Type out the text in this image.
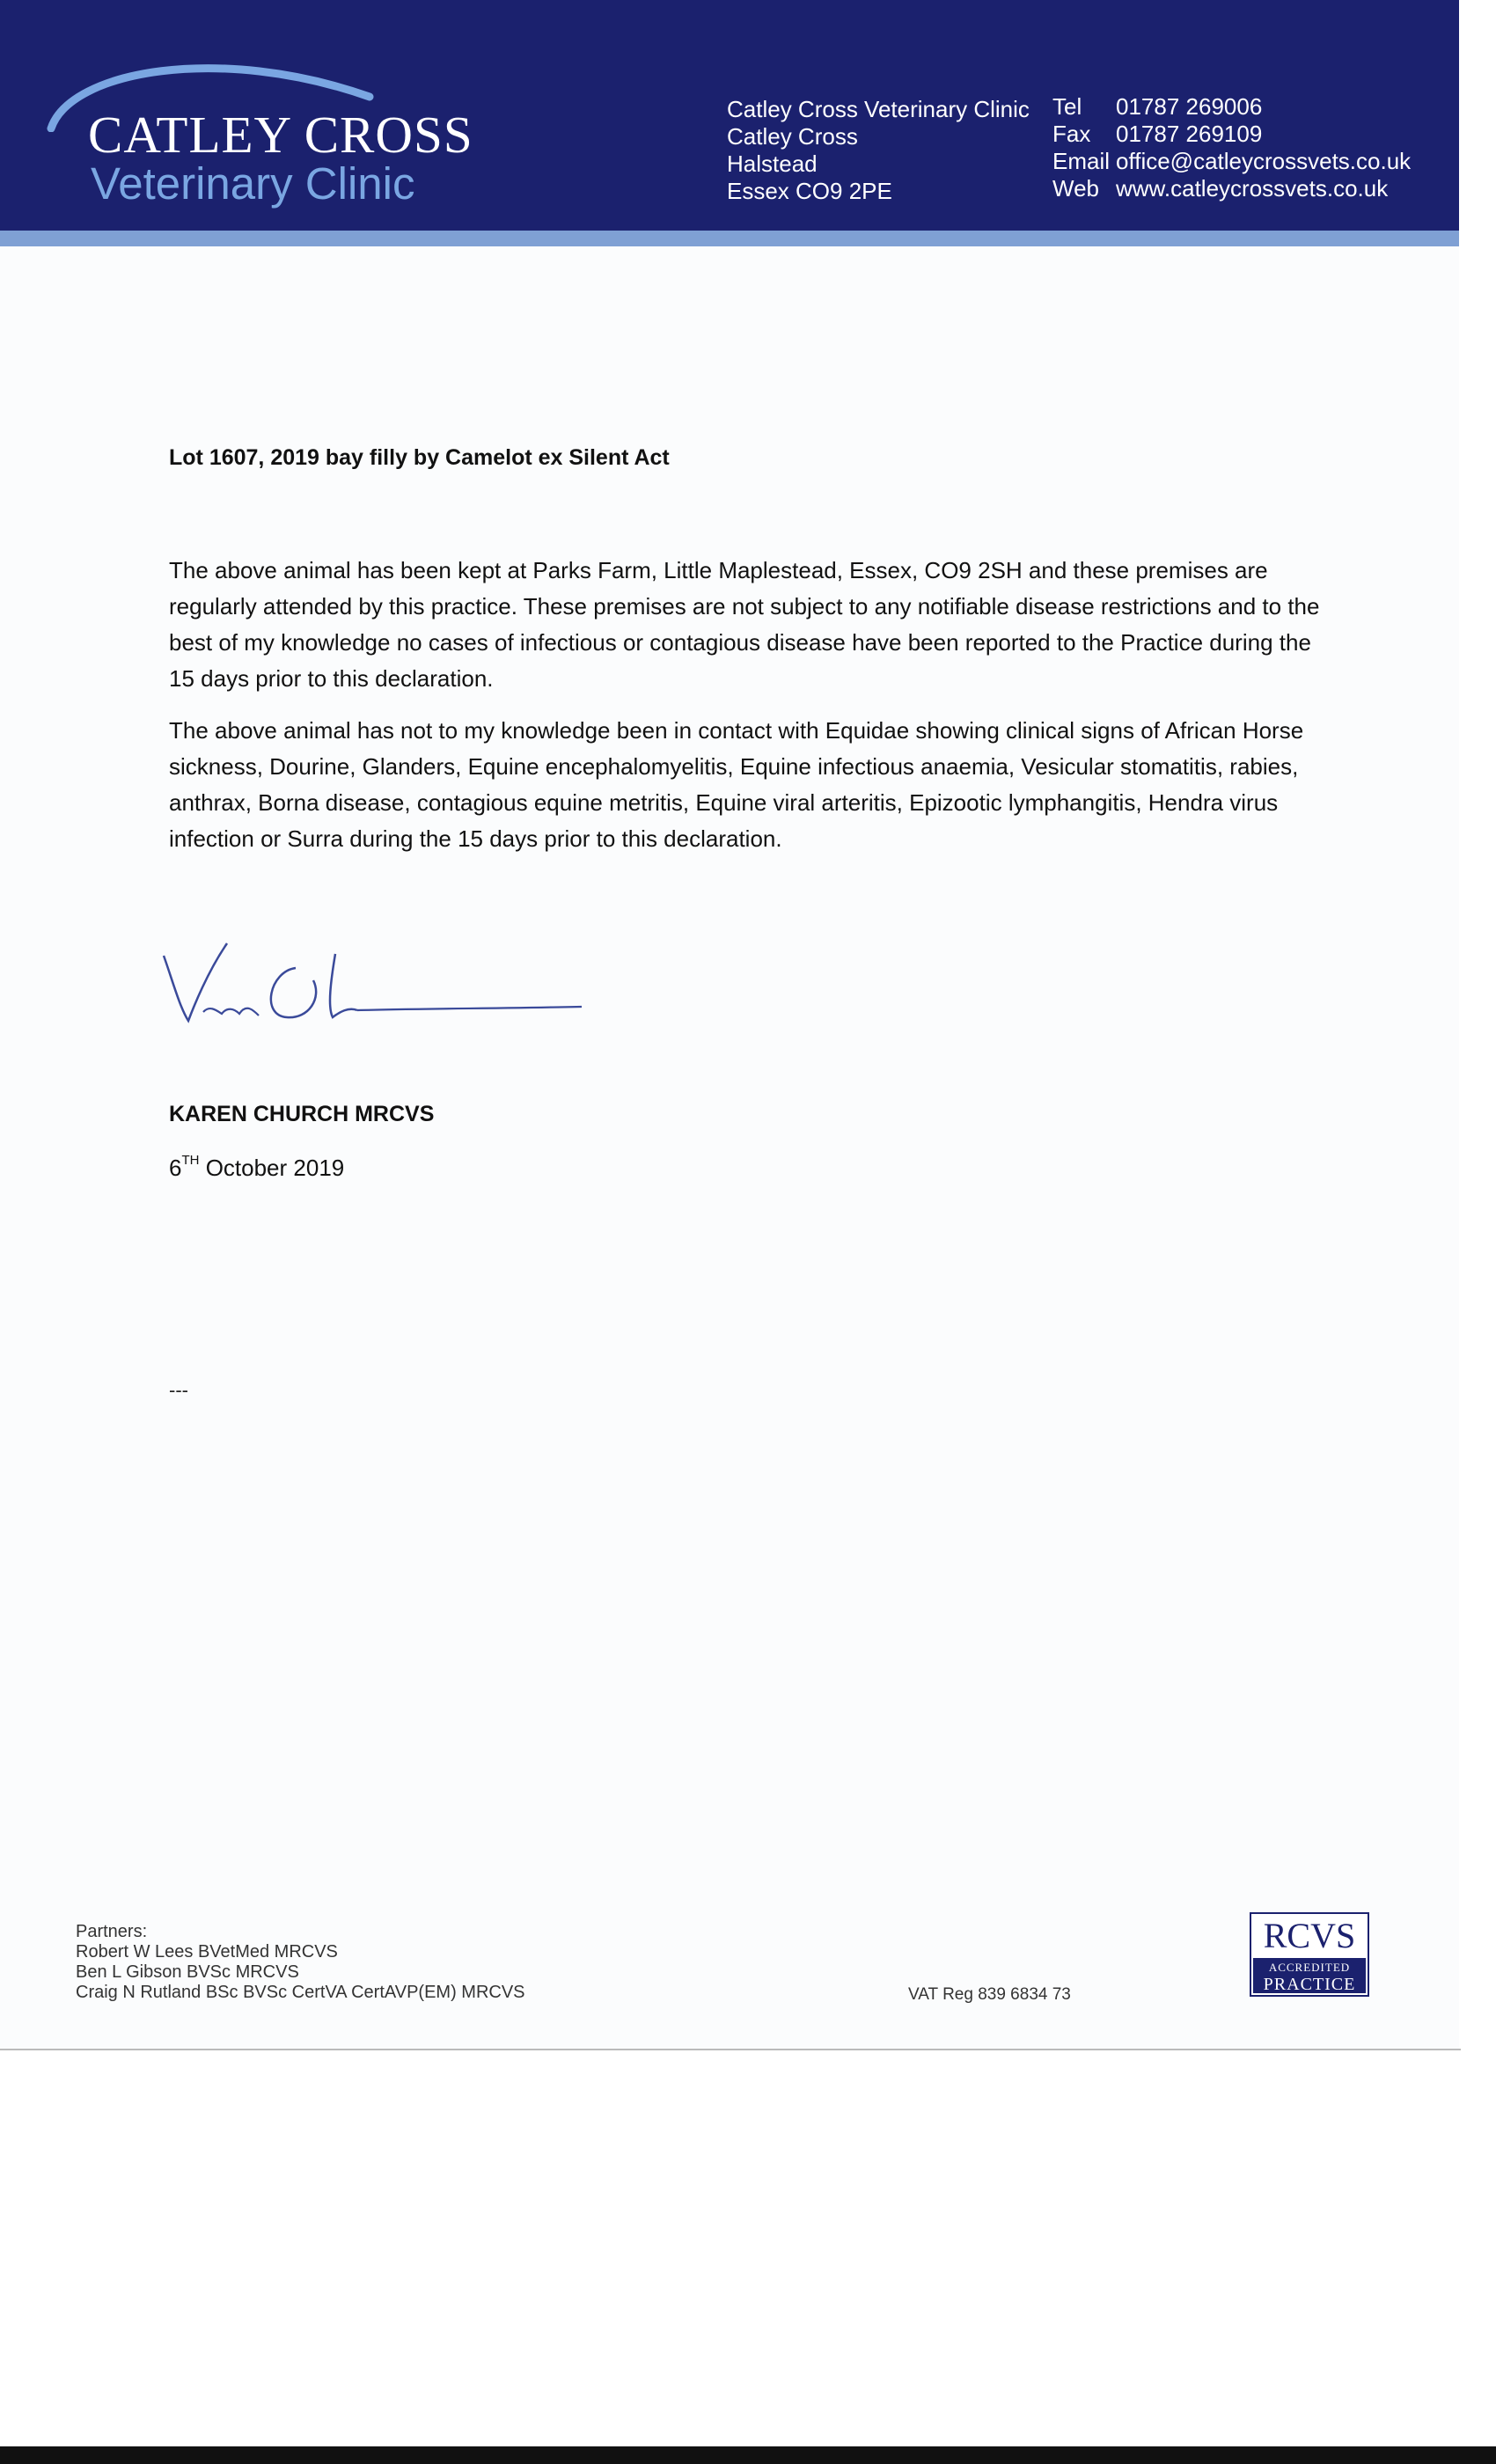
CATLEY CROSS
Veterinary Clinic
Catley Cross Veterinary Clinic
Catley Cross
Halstead
Essex CO9 2PE
Tel 01787 269006
Fax 01787 269109
Email office@catleycrossvets.co.uk
Web www.catleycrossvets.co.uk
Lot 1607, 2019 bay filly by Camelot ex Silent Act

The above animal has been kept at Parks Farm, Little Maplestead, Essex, CO9 2SH and these premises are regularly attended by this practice. These premises are not subject to any notifiable disease restrictions and to the best of my knowledge no cases of infectious or contagious disease have been reported to the Practice during the 15 days prior to this declaration.

The above animal has not to my knowledge been in contact with Equidae showing clinical signs of African Horse sickness, Dourine, Glanders, Equine encephalomyelitis, Equine infectious anaemia, Vesicular stomatitis, rabies, anthrax, Borna disease, contagious equine metritis, Equine viral arteritis, Epizootic lymphangitis, Hendra virus infection or Surra during the 15 days prior to this declaration.

KAREN CHURCH MRCVS
6TH October 2019
---
Partners:
Robert W Lees BVetMed MRCVS
Ben L Gibson BVSc MRCVS
Craig N Rutland BSc BVSc CertVA CertAVP(EM) MRCVS	VAT Reg 839 6834 73
RCVS
ACCREDITED
PRACTICE
